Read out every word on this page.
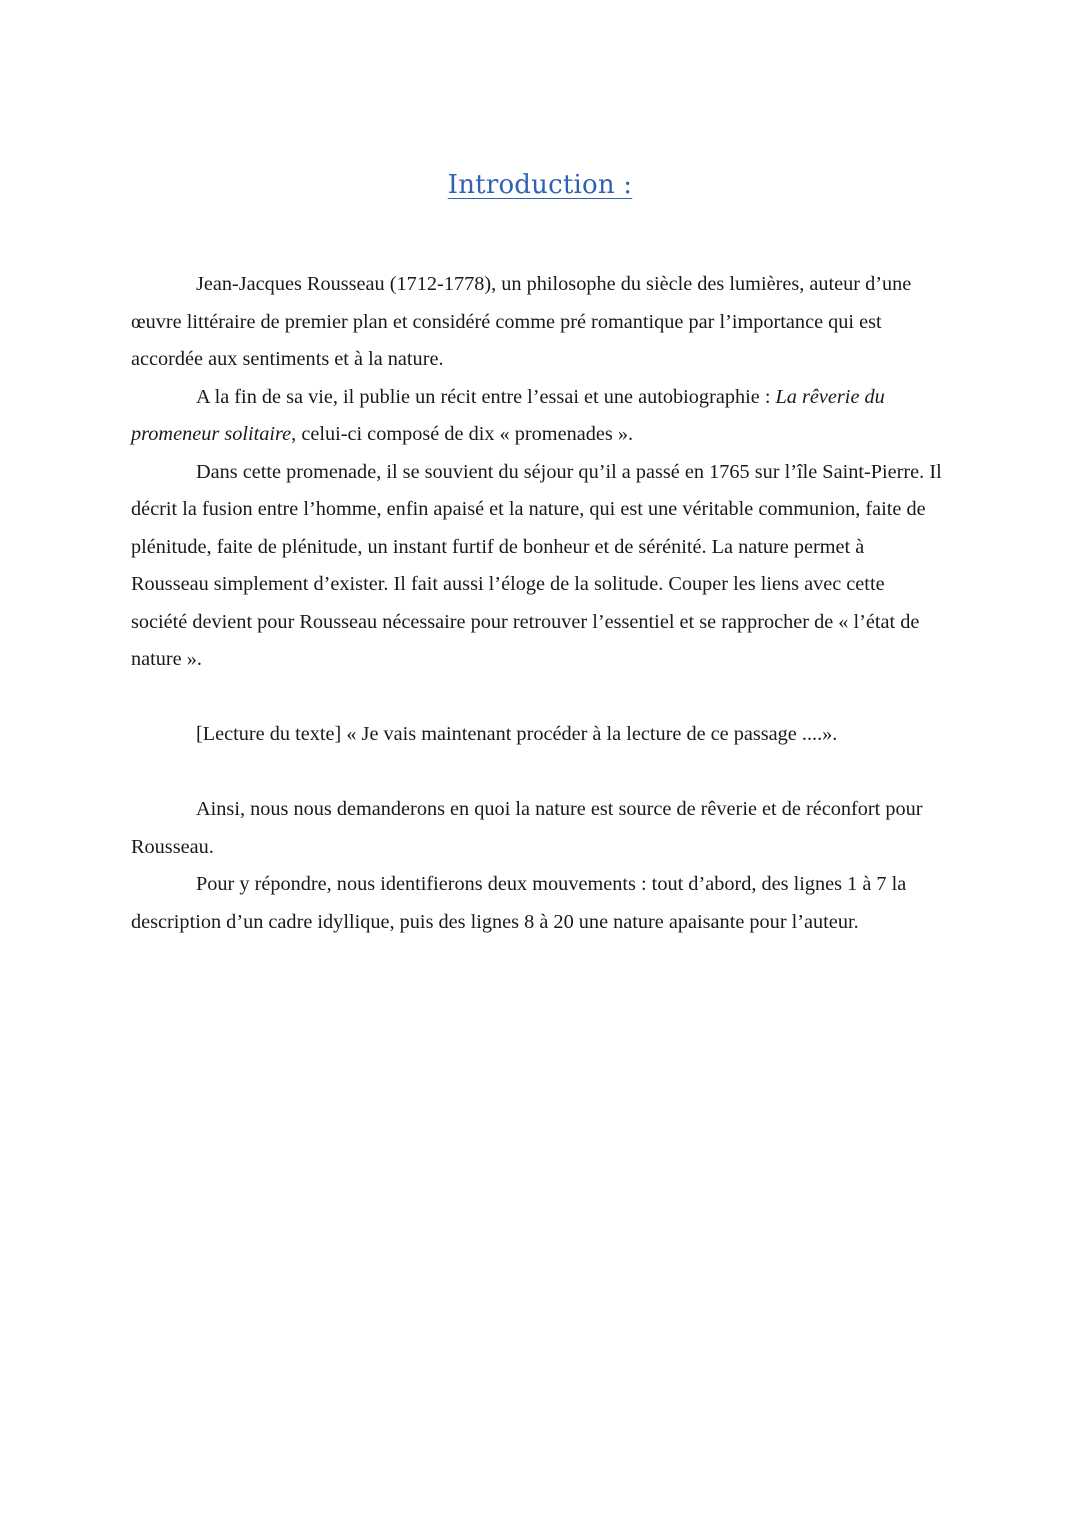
Introduction :

Jean-Jacques Rousseau (1712-1778), un philosophe du siècle des lumières, auteur d’une œuvre littéraire de premier plan et considéré comme pré romantique par l’importance qui est accordée aux sentiments et à la nature.

A la fin de sa vie, il publie un récit entre l’essai et une autobiographie : La rêverie du promeneur solitaire, celui-ci composé de dix « promenades ».

Dans cette promenade, il se souvient du séjour qu’il a passé en 1765 sur l’île Saint-Pierre. Il décrit la fusion entre l’homme, enfin apaisé et la nature, qui est une véritable communion, faite de plénitude, faite de plénitude, un instant furtif de bonheur et de sérénité. La nature permet à Rousseau simplement d’exister. Il fait aussi l’éloge de la solitude. Couper les liens avec cette société devient pour Rousseau nécessaire pour retrouver l’essentiel et se rapprocher de « l’état de nature ».

[Lecture du texte] « Je vais maintenant procéder à la lecture de ce passage ....».

Ainsi, nous nous demanderons en quoi la nature est source de rêverie et de réconfort pour Rousseau.

Pour y répondre, nous identifierons deux mouvements : tout d’abord, des lignes 1 à 7 la description d’un cadre idyllique, puis des lignes 8 à 20 une nature apaisante pour l’auteur.
